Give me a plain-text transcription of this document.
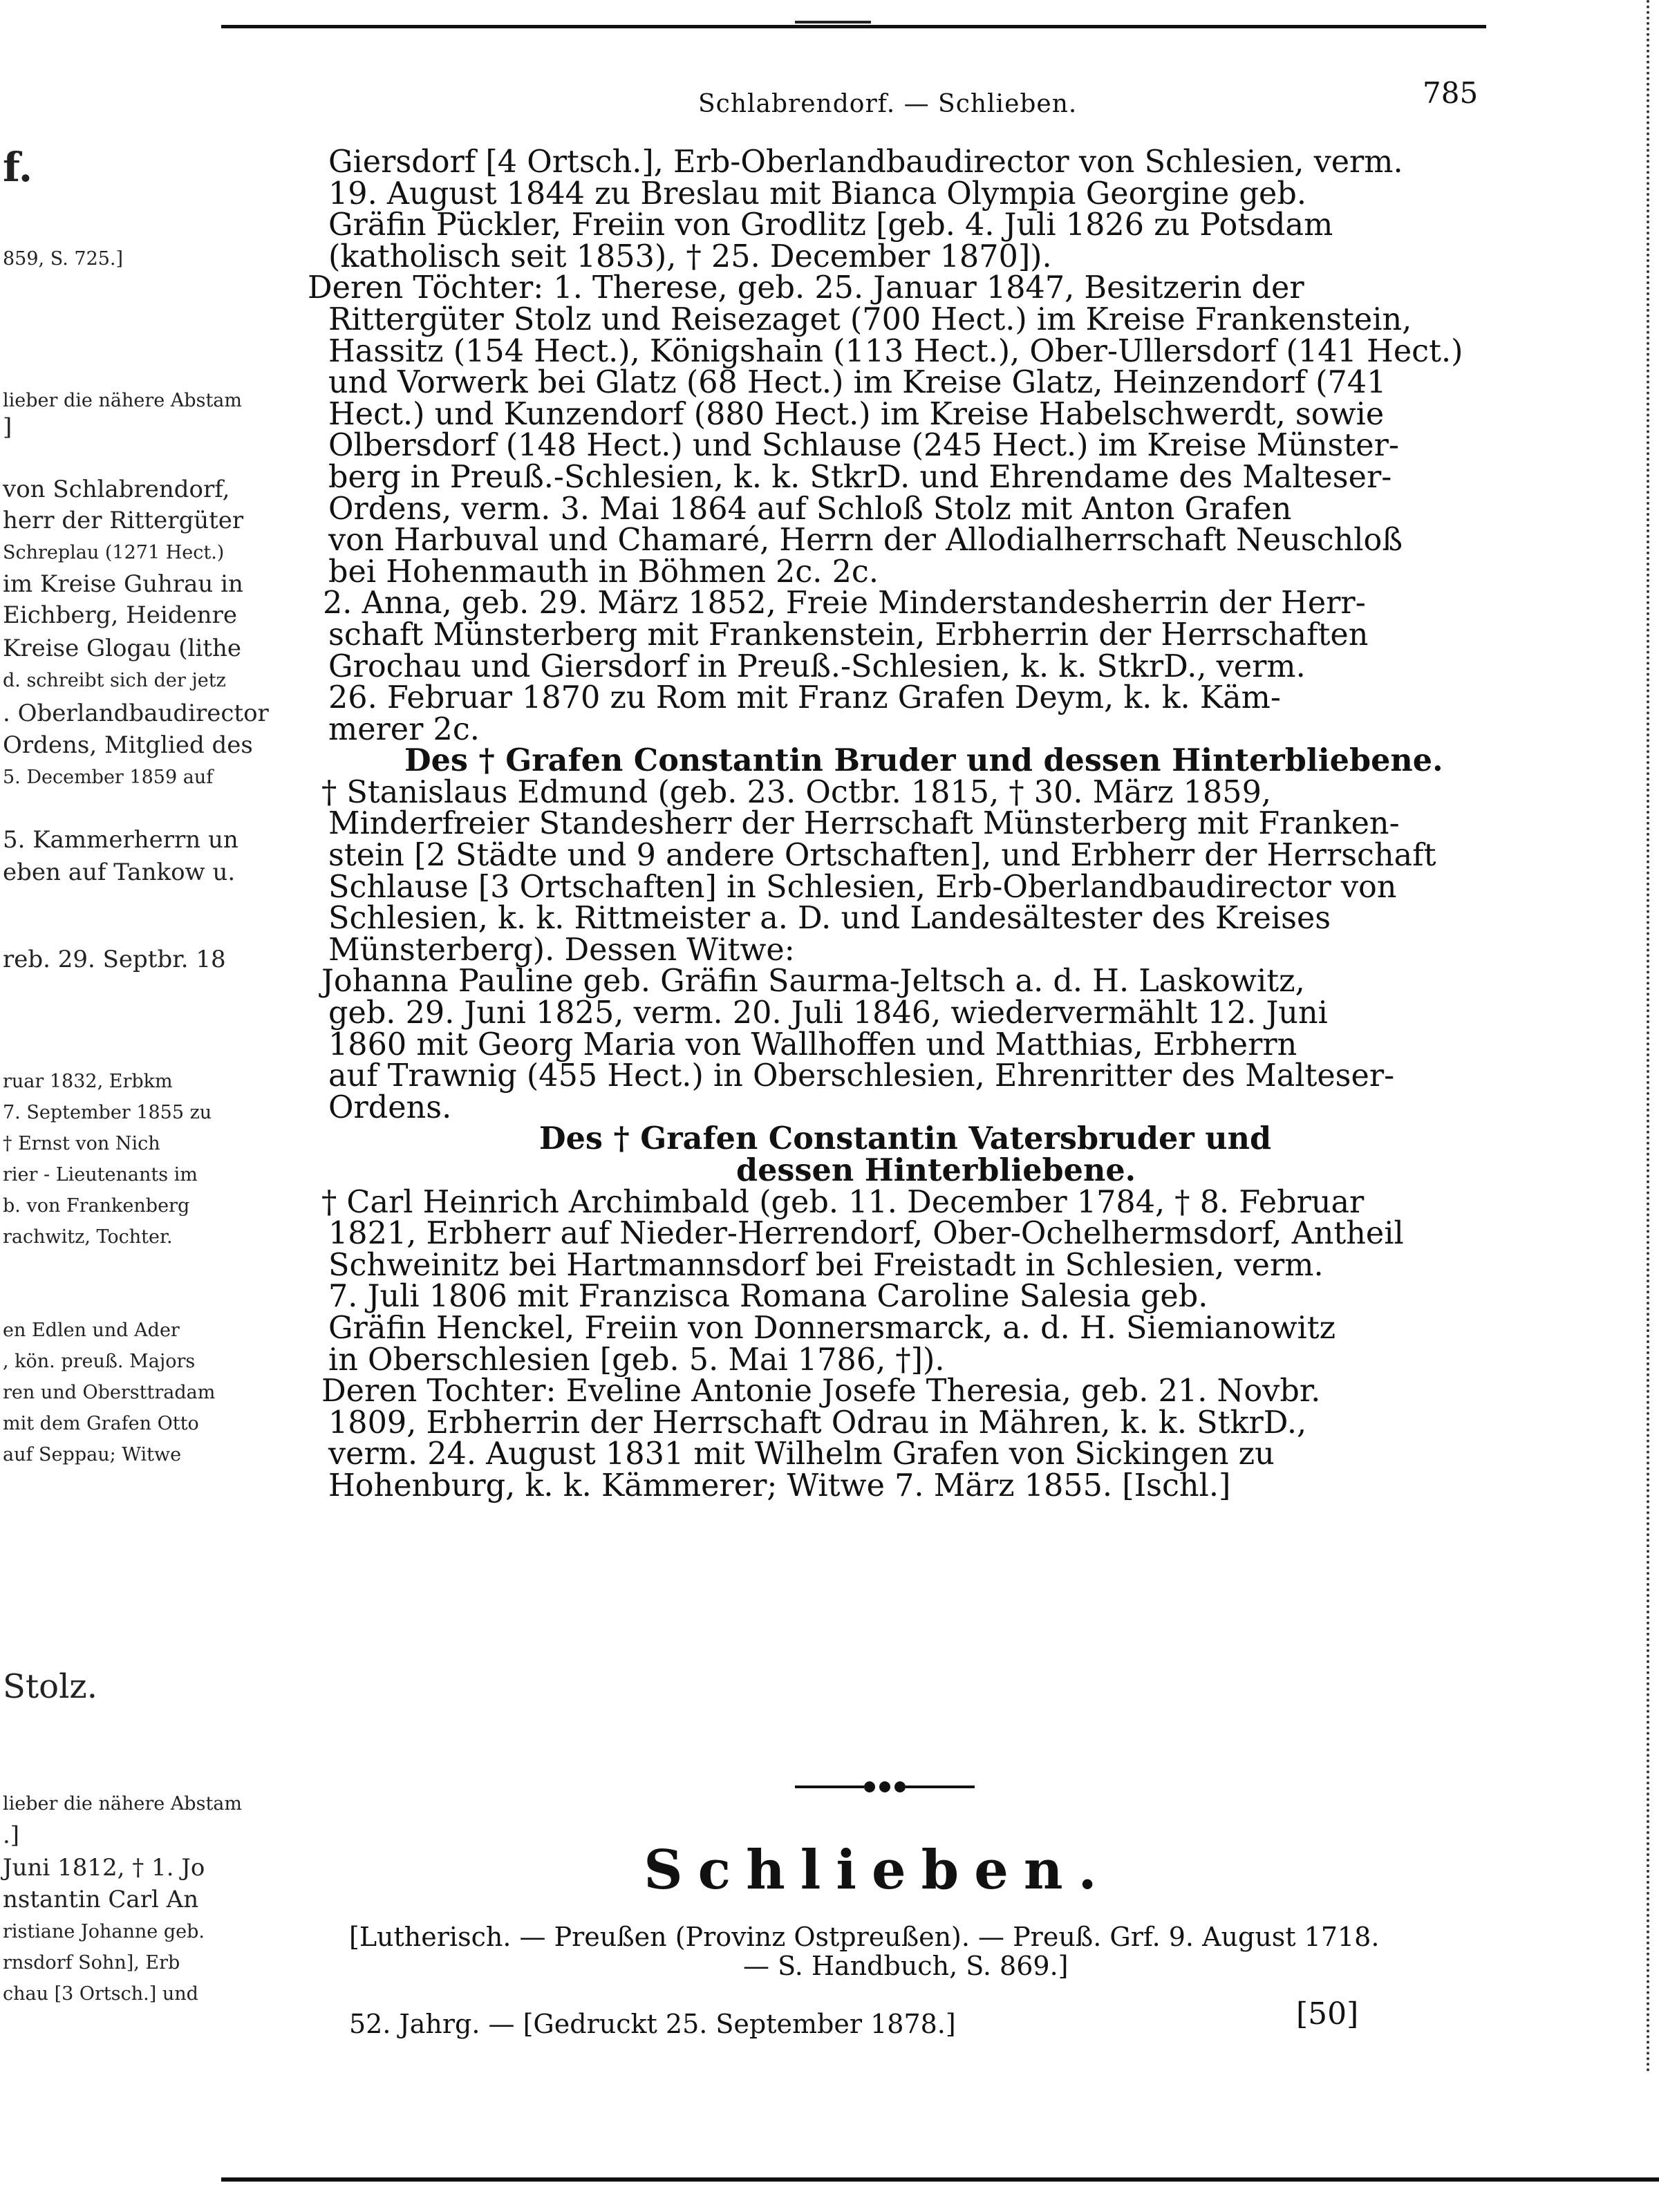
f.
859, S. 725.]
lieber die nähere Abstam
]
von Schlabrendorf,
herr der Rittergüter
Schreplau (1271 Hect.)
im Kreise Guhrau in
Eichberg, Heidenre
Kreise Glogau (lithe
d. schreibt sich der jetz
. Oberlandbaudirector
Ordens, Mitglied des
5. December 1859 auf
5. Kammerherrn un
eben auf Tankow u.
reb. 29. Septbr. 18
ruar 1832, Erbkm
7. September 1855 zu
† Ernst von Nich
rier - Lieutenants im
b. von Frankenberg
rachwitz, Tochter.
en Edlen und Ader
, kön. preuß. Majors
ren und Obersttradam
mit dem Grafen Otto
auf Seppau; Witwe
Stolz.
lieber die nähere Abstam
.]
Juni 1812, † 1. Jo
nstantin Carl An
ristiane Johanne geb.
rnsdorf Sohn], Erb
chau [3 Ortsch.] und
Schlabrendorf. — Schlieben.	785
Giersdorf [4 Ortsch.], Erb-Oberlandbaudirector von Schlesien, verm.
19. August 1844 zu Breslau mit Bianca Olympia Georgine geb.
Gräfin Pückler, Freiin von Grodlitz [geb. 4. Juli 1826 zu Potsdam
(katholisch seit 1853), † 25. December 1870]).
Deren Töchter: 1. Therese, geb. 25. Januar 1847, Besitzerin der
Rittergüter Stolz und Reisezaget (700 Hect.) im Kreise Frankenstein,
Hassitz (154 Hect.), Königshain (113 Hect.), Ober-Ullersdorf (141 Hect.)
und Vorwerk bei Glatz (68 Hect.) im Kreise Glatz, Heinzendorf (741
Hect.) und Kunzendorf (880 Hect.) im Kreise Habelschwerdt, sowie
Olbersdorf (148 Hect.) und Schlause (245 Hect.) im Kreise Münster-
berg in Preuß.-Schlesien, k. k. StkrD. und Ehrendame des Malteser-
Ordens, verm. 3. Mai 1864 auf Schloß Stolz mit Anton Grafen
von Harbuval und Chamaré, Herrn der Allodialherrschaft Neuschloß
bei Hohenmauth in Böhmen 2c. 2c.
2. Anna, geb. 29. März 1852, Freie Minderstandesherrin der Herr-
schaft Münsterberg mit Frankenstein, Erbherrin der Herrschaften
Grochau und Giersdorf in Preuß.-Schlesien, k. k. StkrD., verm.
26. Februar 1870 zu Rom mit Franz Grafen Deym, k. k. Käm-
merer 2c.
Des † Grafen Constantin Bruder und dessen Hinterbliebene.
† Stanislaus Edmund (geb. 23. Octbr. 1815, † 30. März 1859,
Minderfreier Standesherr der Herrschaft Münsterberg mit Franken-
stein [2 Städte und 9 andere Ortschaften], und Erbherr der Herrschaft
Schlause [3 Ortschaften] in Schlesien, Erb-Oberlandbaudirector von
Schlesien, k. k. Rittmeister a. D. und Landesältester des Kreises
Münsterberg). Dessen Witwe:
Johanna Pauline geb. Gräfin Saurma-Jeltsch a. d. H. Laskowitz,
geb. 29. Juni 1825, verm. 20. Juli 1846, wiedervermählt 12. Juni
1860 mit Georg Maria von Wallhoffen und Matthias, Erbherrn
auf Trawnig (455 Hect.) in Oberschlesien, Ehrenritter des Malteser-
Ordens.
Des † Grafen Constantin Vatersbruder und
dessen Hinterbliebene.
† Carl Heinrich Archimbald (geb. 11. December 1784, † 8. Februar
1821, Erbherr auf Nieder-Herrendorf, Ober-Ochelhermsdorf, Antheil
Schweinitz bei Hartmannsdorf bei Freistadt in Schlesien, verm.
7. Juli 1806 mit Franzisca Romana Caroline Salesia geb.
Gräfin Henckel, Freiin von Donnersmarck, a. d. H. Siemianowitz
in Oberschlesien [geb. 5. Mai 1786, †]).
Deren Tochter: Eveline Antonie Josefe Theresia, geb. 21. Novbr.
1809, Erbherrin der Herrschaft Odrau in Mähren, k. k. StkrD.,
verm. 24. August 1831 mit Wilhelm Grafen von Sickingen zu
Hohenburg, k. k. Kämmerer; Witwe 7. März 1855. [Ischl.]
Schlieben.
[Lutherisch. — Preußen (Provinz Ostpreußen). — Preuß. Grf. 9. August 1718.
— S. Handbuch, S. 869.]
52. Jahrg. — [Gedruckt 25. September 1878.]	[50]
